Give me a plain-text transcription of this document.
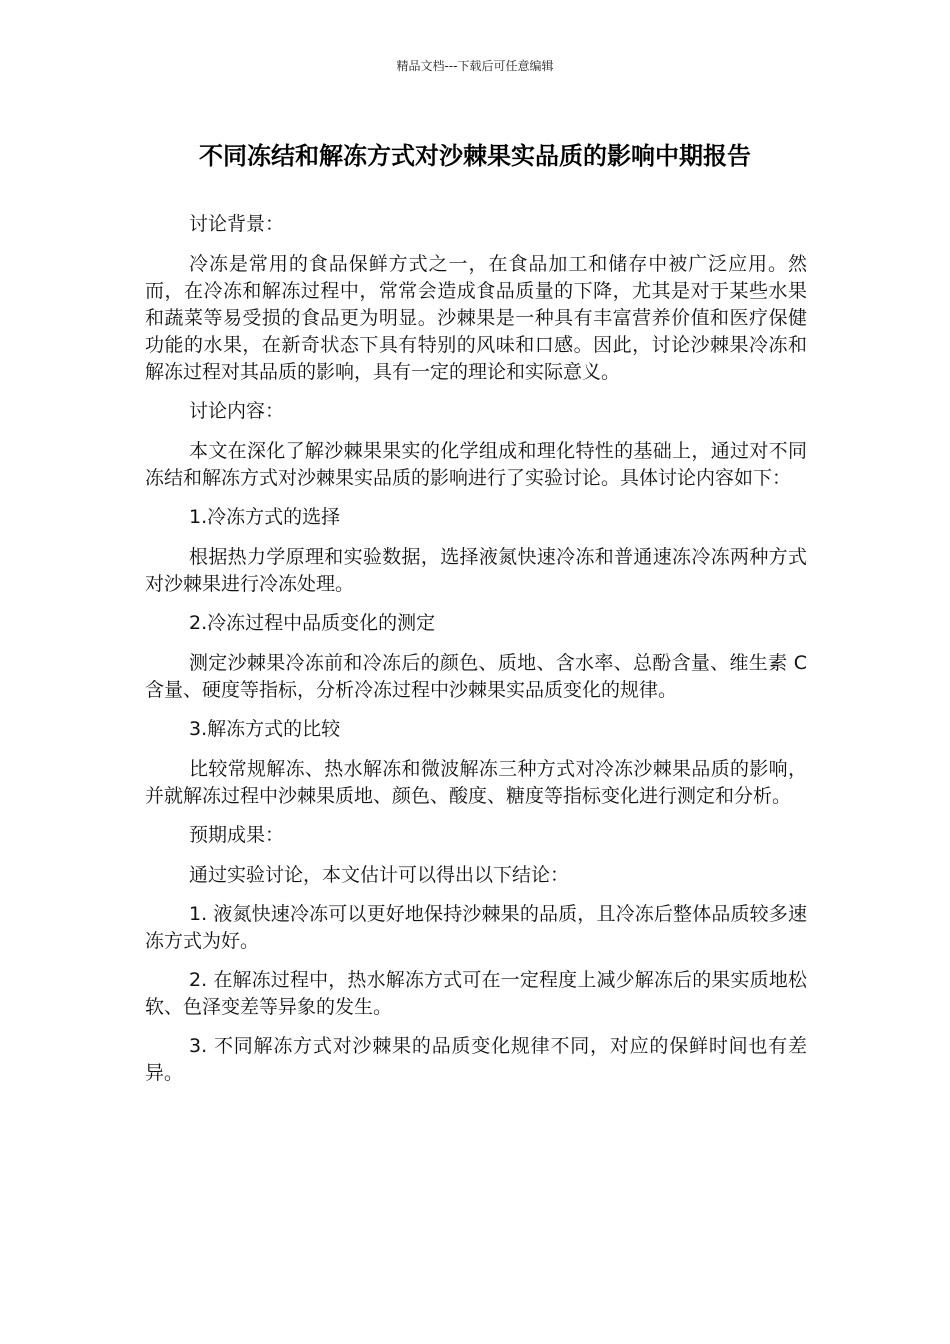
精品文档---下载后可任意编辑
不同冻结和解冻方式对沙棘果实品质的影响中期报告

讨论背景：

冷冻是常用的食品保鲜方式之一，在食品加工和储存中被广泛应用。然而，在冷冻和解冻过程中，常常会造成食品质量的下降，尤其是对于某些水果和蔬菜等易受损的食品更为明显。沙棘果是一种具有丰富营养价值和医疗保健功能的水果，在新奇状态下具有特别的风味和口感。因此，讨论沙棘果冷冻和解冻过程对其品质的影响，具有一定的理论和实际意义。

讨论内容：

本文在深化了解沙棘果果实的化学组成和理化特性的基础上，通过对不同冻结和解冻方式对沙棘果实品质的影响进行了实验讨论。具体讨论内容如下：

1.冷冻方式的选择

根据热力学原理和实验数据，选择液氮快速冷冻和普通速冻冷冻两种方式对沙棘果进行冷冻处理。

2.冷冻过程中品质变化的测定

测定沙棘果冷冻前和冷冻后的颜色、质地、含水率、总酚含量、维生素 C 含量、硬度等指标，分析冷冻过程中沙棘果实品质变化的规律。

3.解冻方式的比较

比较常规解冻、热水解冻和微波解冻三种方式对冷冻沙棘果品质的影响，并就解冻过程中沙棘果质地、颜色、酸度、糖度等指标变化进行测定和分析。

预期成果：

通过实验讨论，本文估计可以得出以下结论：

1. 液氮快速冷冻可以更好地保持沙棘果的品质，且冷冻后整体品质较多速冻方式为好。

2. 在解冻过程中，热水解冻方式可在一定程度上减少解冻后的果实质地松软、色泽变差等异象的发生。

3. 不同解冻方式对沙棘果的品质变化规律不同，对应的保鲜时间也有差异。
